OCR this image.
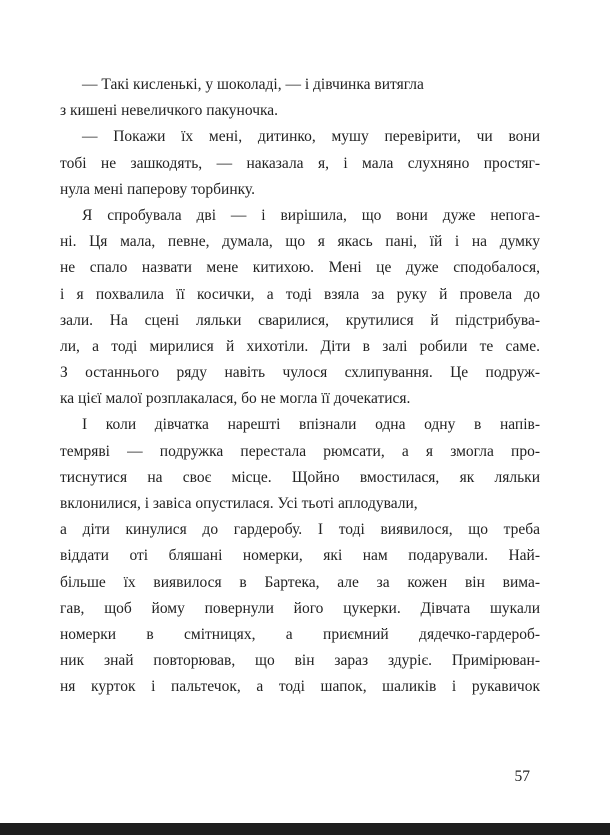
— Такі кисленькі, у шоколаді, — і дівчинка витягла
з кишені невеличкого пакуночка.
— Покажи їх мені, дитинко, мушу перевірити, чи вони
тобі не зашкодять, — наказала я, і мала слухняно простяг-
нула мені паперову торбинку.
Я спробувала дві — і вирішила, що вони дуже непога-
ні. Ця мала, певне, думала, що я якась пані, їй і на думку
не спало назвати мене китихою. Мені це дуже сподобалося,
і я похвалила її косички, а тоді взяла за руку й провела до
зали. На сцені ляльки сварилися, крутилися й підстрибува-
ли, а тоді мирилися й хихотіли. Діти в залі робили те саме.
З останнього ряду навіть чулося схлипування. Це подруж-
ка цієї малої розплакалася, бо не могла її дочекатися.
І коли дівчатка нарешті впізнали одна одну в напів-
темряві — подружка перестала рюмсати, а я змогла про-
тиснутися на своє місце. Щойно вмостилася, як ляльки
вклонилися, і завіса опустилася. Усі тьоті аплодували,
а діти кинулися до гардеробу. І тоді виявилося, що треба
віддати оті бляшані номерки, які нам подарували. Най-
більше їх виявилося в Бартека, але за кожен він вима-
гав, щоб йому повернули його цукерки. Дівчата шукали
номерки в смітницях, а приємний дядечко-гардероб-
ник знай повторював, що він зараз здуріє. Примірюван-
ня курток і пальтечок, а тоді шапок, шаликів і рукавичок
57
